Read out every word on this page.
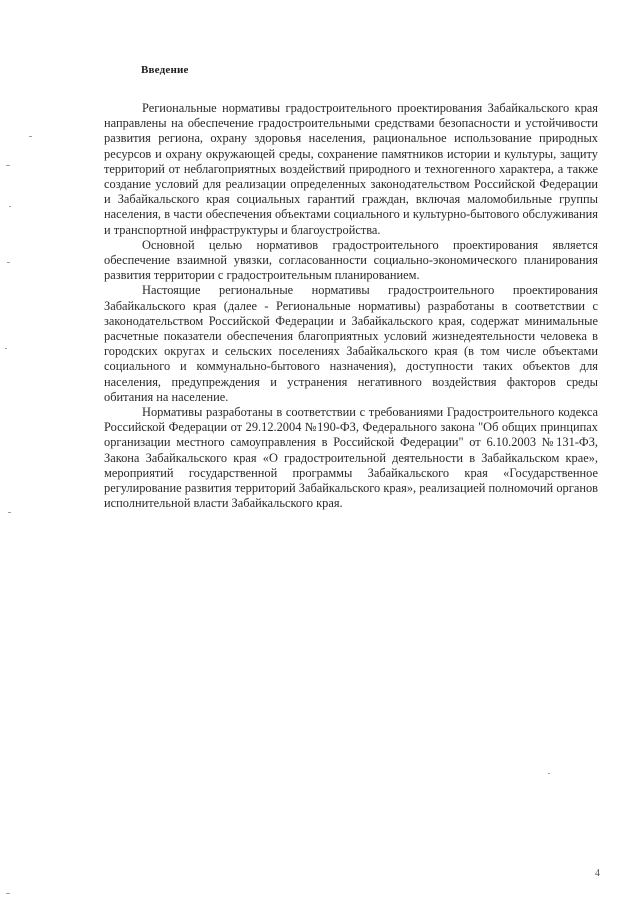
Введение

Региональные нормативы градостроительного проектирования Забайкальского края направлены на обеспечение градостроительными средствами безопасности и устойчивости развития региона, охрану здоровья населения, рациональное использование природных ресурсов и охрану окружающей среды, сохранение памятников истории и культуры, защиту территорий от неблагоприятных воздействий природного и техногенного характера, а также создание условий для реализации определенных законодательством Российской Федерации и Забайкальского края социальных гарантий граждан, включая маломобильные группы населения, в части обеспечения объектами социального и культурно-бытового обслуживания и транспортной инфраструктуры и благоустройства.

Основной целью нормативов градостроительного проектирования является обеспечение взаимной увязки, согласованности социально-экономического планирования развития территории с градостроительным планированием.

Настоящие региональные нормативы градостроительного проектирования Забайкальского края (далее - Региональные нормативы) разработаны в соответствии с законодательством Российской Федерации и Забайкальского края, содержат минимальные расчетные показатели обеспечения благоприятных условий жизнедеятельности человека в городских округах и сельских поселениях Забайкальского края (в том числе объектами социального и коммунально-бытового назначения), доступности таких объектов для населения, предупреждения и устранения негативного воздействия факторов среды обитания на население.

Нормативы разработаны в соответствии с требованиями Градостроительного кодекса Российской Федерации от 29.12.2004 №190-ФЗ, Федерального закона "Об общих принципах организации местного самоуправления в Российской Федерации" от 6.10.2003 №131-ФЗ, Закона Забайкальского края «О градостроительной деятельности в Забайкальском крае», мероприятий государственной программы Забайкальского края «Государственное регулирование развития территорий Забайкальского края», реализацией полномочий органов исполнительной власти Забайкальского края.

4
